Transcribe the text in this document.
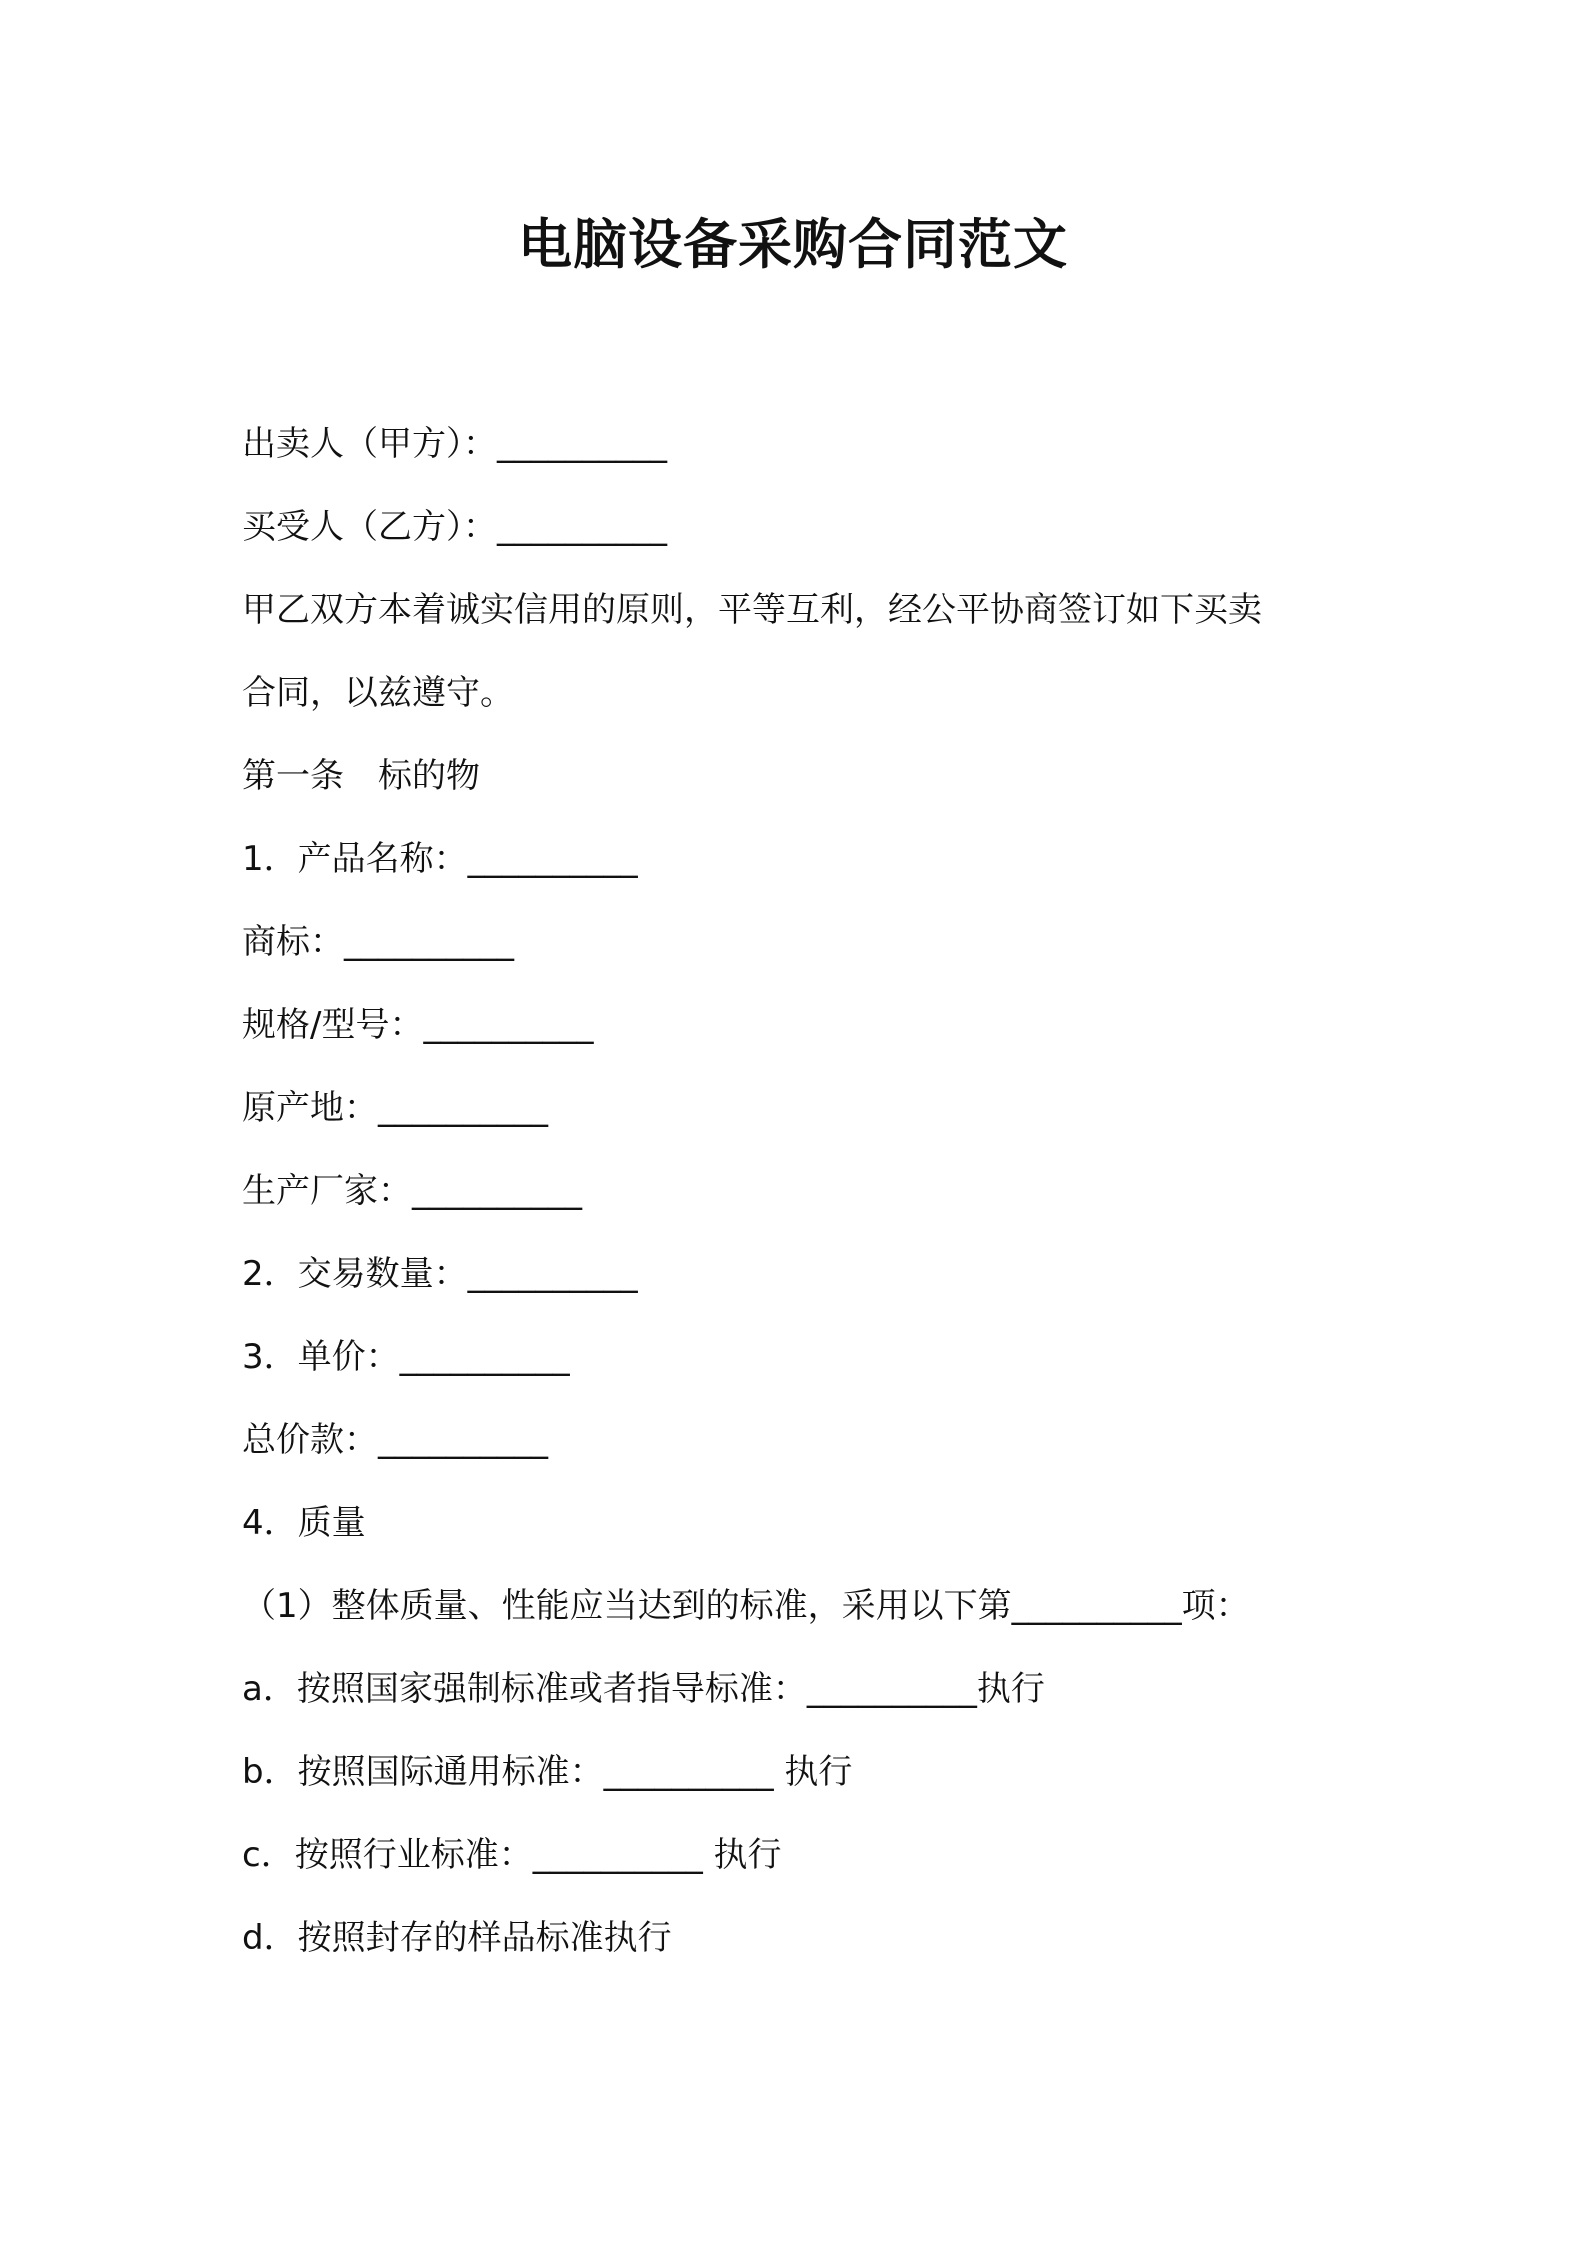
电脑设备采购合同范文

出卖人（甲方）：__________

买受人（乙方）：__________

甲乙双方本着诚实信用的原则，平等互利，经公平协商签订如下买卖

合同，以兹遵守。

第一条　标的物

1．产品名称：__________

商标：__________

规格/型号：__________

原产地：__________

生产厂家：__________

2．交易数量：__________

3．单价：__________

总价款：__________

4．质量

（1）整体质量、性能应当达到的标准，采用以下第__________项：

a．按照国家强制标准或者指导标准：__________执行

b．按照国际通用标准：__________ 执行

c．按照行业标准：__________ 执行

d．按照封存的样品标准执行
